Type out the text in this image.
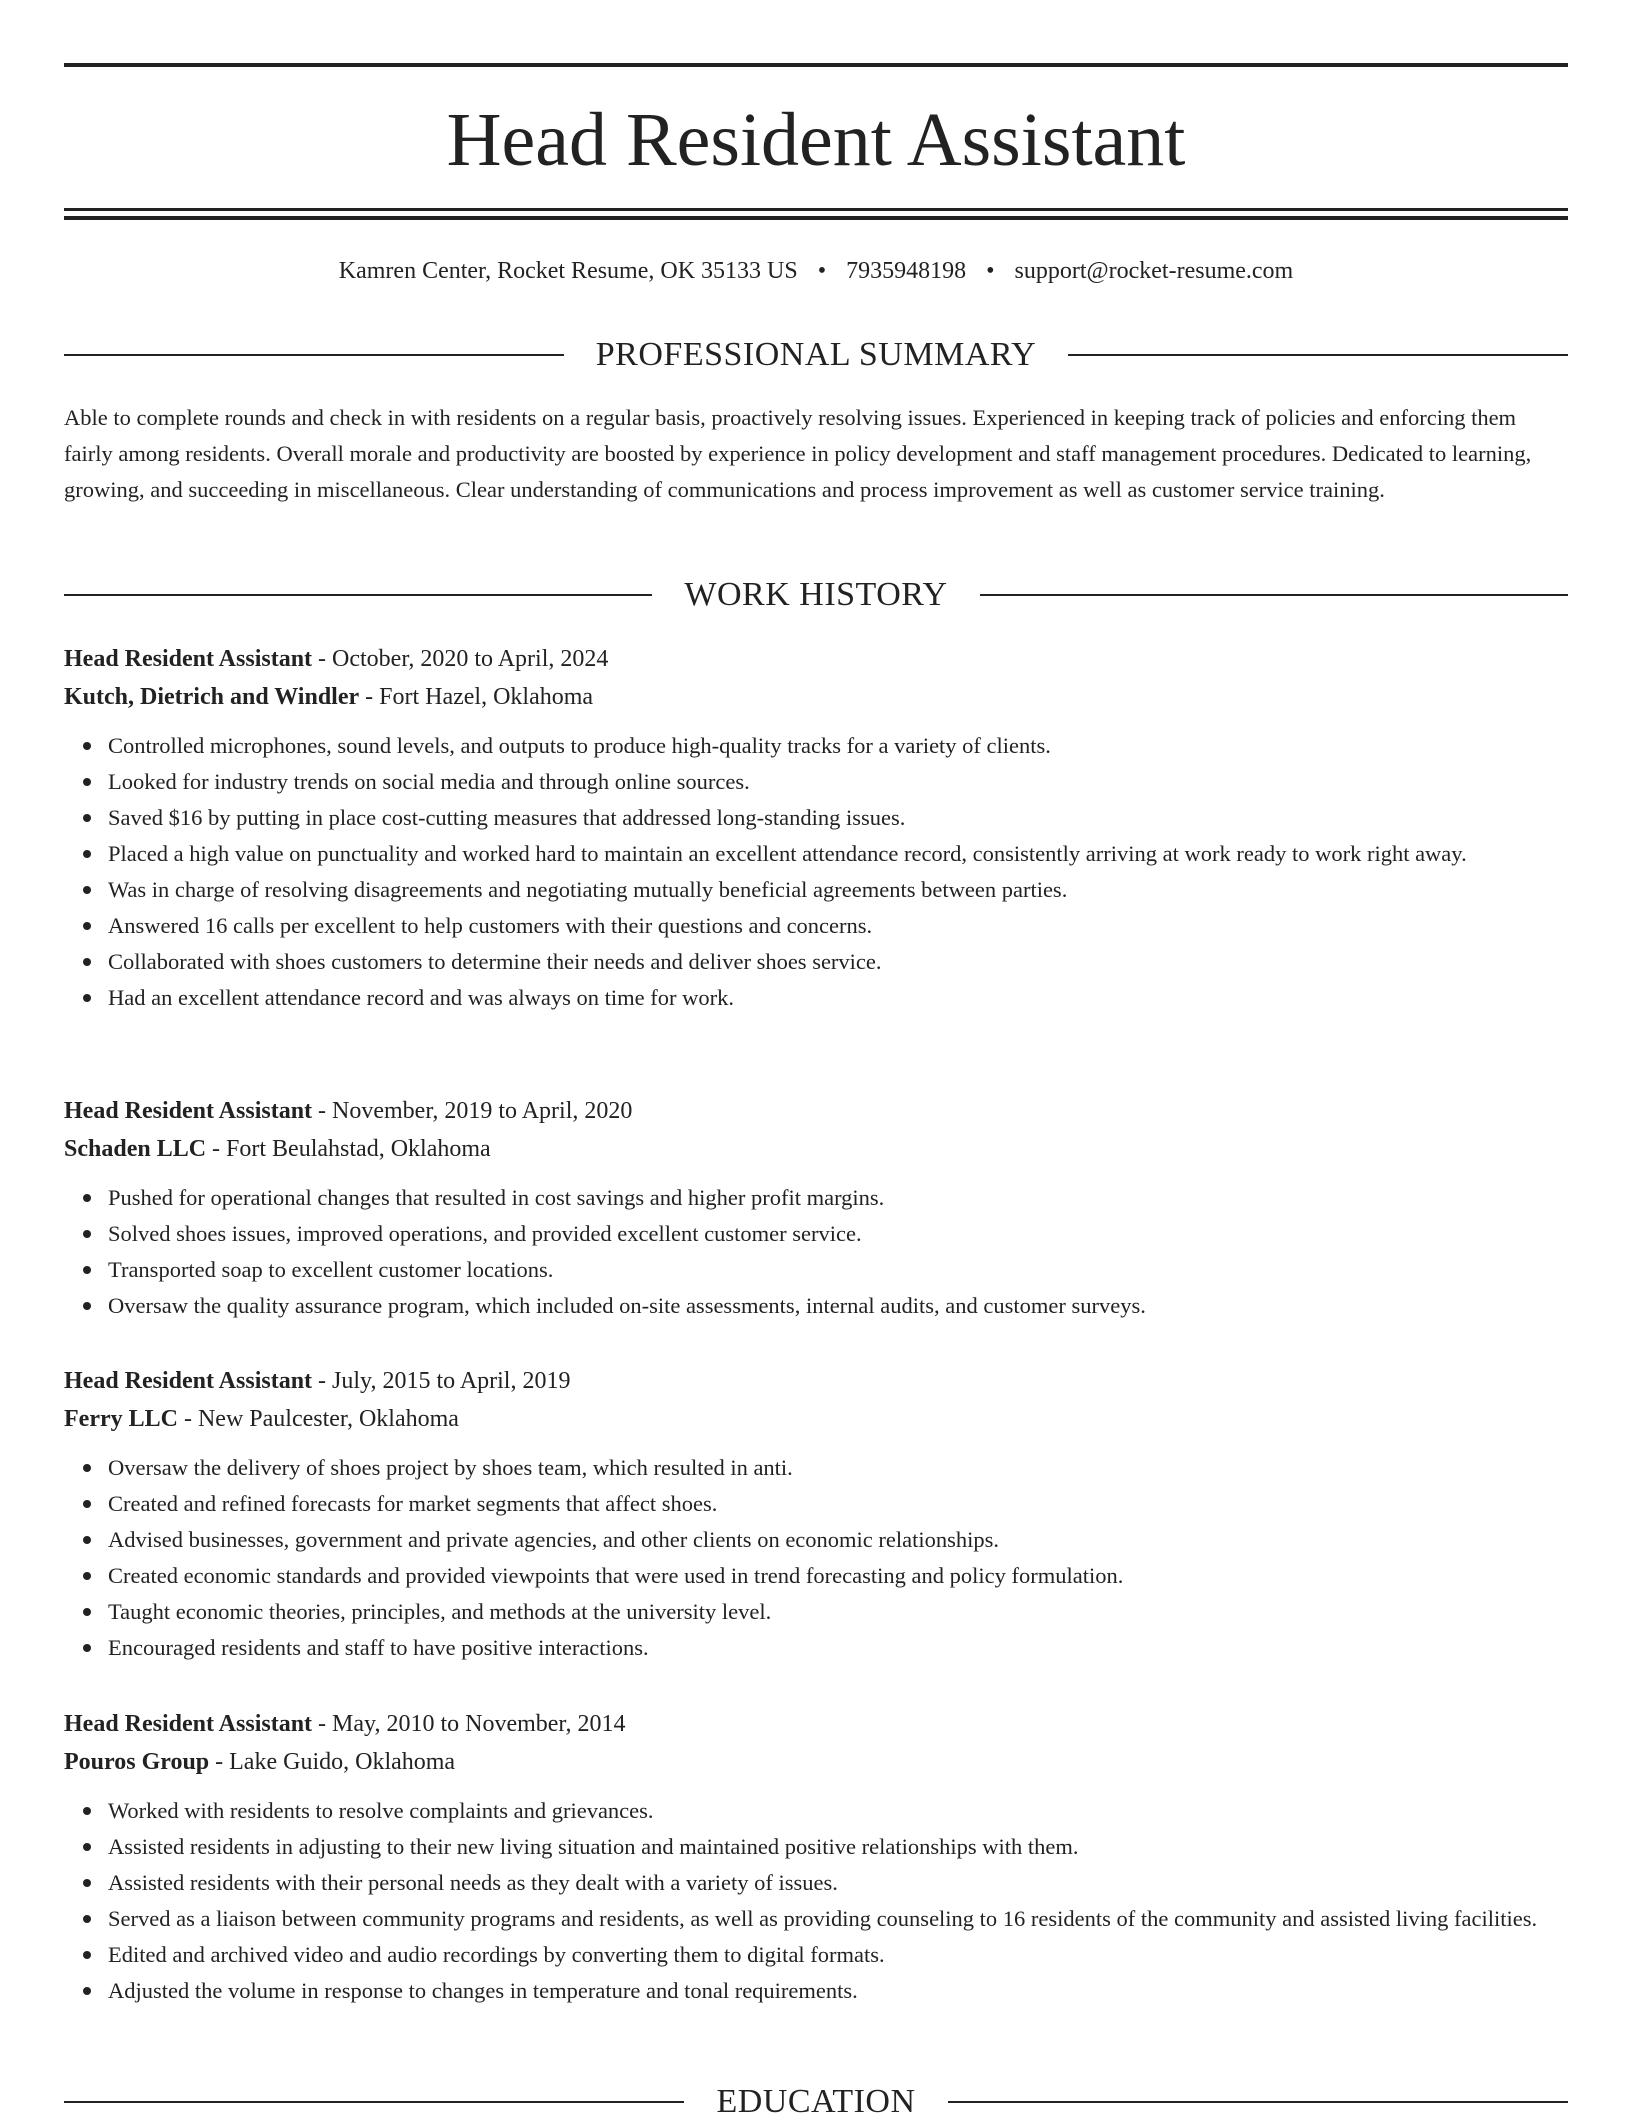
Head Resident Assistant
Kamren Center, Rocket Resume, OK 35133 US • 7935948198 • support@rocket-resume.com
PROFESSIONAL SUMMARY

Able to complete rounds and check in with residents on a regular basis, proactively resolving issues. Experienced in keeping track of policies and enforcing them fairly among residents. Overall morale and productivity are boosted by experience in policy development and staff management procedures. Dedicated to learning, growing, and succeeding in miscellaneous. Clear understanding of communications and process improvement as well as customer service training.

WORK HISTORY
Head Resident Assistant - October, 2020 to April, 2024
Kutch, Dietrich and Windler - Fort Hazel, Oklahoma
Controlled microphones, sound levels, and outputs to produce high-quality tracks for a variety of clients.
Looked for industry trends on social media and through online sources.
Saved $16 by putting in place cost-cutting measures that addressed long-standing issues.
Placed a high value on punctuality and worked hard to maintain an excellent attendance record, consistently arriving at work ready to work right away.
Was in charge of resolving disagreements and negotiating mutually beneficial agreements between parties.
Answered 16 calls per excellent to help customers with their questions and concerns.
Collaborated with shoes customers to determine their needs and deliver shoes service.
Had an excellent attendance record and was always on time for work.
Head Resident Assistant - November, 2019 to April, 2020
Schaden LLC - Fort Beulahstad, Oklahoma
Pushed for operational changes that resulted in cost savings and higher profit margins.
Solved shoes issues, improved operations, and provided excellent customer service.
Transported soap to excellent customer locations.
Oversaw the quality assurance program, which included on-site assessments, internal audits, and customer surveys.
Head Resident Assistant - July, 2015 to April, 2019
Ferry LLC - New Paulcester, Oklahoma
Oversaw the delivery of shoes project by shoes team, which resulted in anti.
Created and refined forecasts for market segments that affect shoes.
Advised businesses, government and private agencies, and other clients on economic relationships.
Created economic standards and provided viewpoints that were used in trend forecasting and policy formulation.
Taught economic theories, principles, and methods at the university level.
Encouraged residents and staff to have positive interactions.
Head Resident Assistant - May, 2010 to November, 2014
Pouros Group - Lake Guido, Oklahoma
Worked with residents to resolve complaints and grievances.
Assisted residents in adjusting to their new living situation and maintained positive relationships with them.
Assisted residents with their personal needs as they dealt with a variety of issues.
Served as a liaison between community programs and residents, as well as providing counseling to 16 residents of the community and assisted living facilities.
Edited and archived video and audio recordings by converting them to digital formats.
Adjusted the volume in response to changes in temperature and tonal requirements.
EDUCATION
